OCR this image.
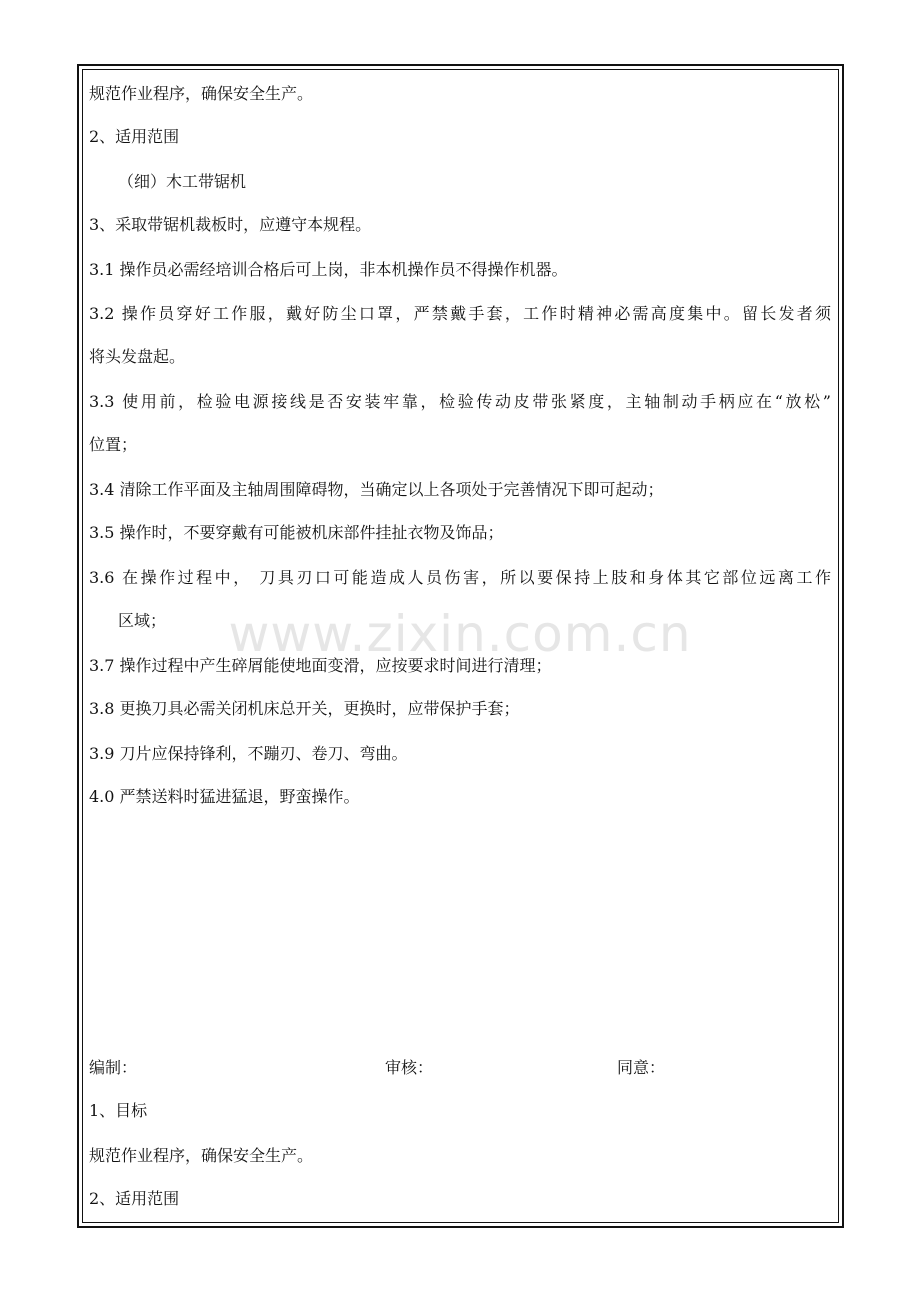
规范作业程序，确保安全生产。
2、适用范围
（细）木工带锯机
3、采取带锯机裁板时，应遵守本规程。
3.1 操作员必需经培训合格后可上岗，非本机操作员不得操作机器。
3.2 操作员穿好工作服，戴好防尘口罩，严禁戴手套，工作时精神必需高度集中。留长发者须
将头发盘起。
3.3 使用前，检验电源接线是否安装牢靠，检验传动皮带张紧度，主轴制动手柄应在“放松”
位置；
3.4 清除工作平面及主轴周围障碍物，当确定以上各项处于完善情况下即可起动；
3.5 操作时，不要穿戴有可能被机床部件挂扯衣物及饰品；
3.6 在操作过程中， 刀具刃口可能造成人员伤害，所以要保持上肢和身体其它部位远离工作
区域；
3.7 操作过程中产生碎屑能使地面变滑，应按要求时间进行清理；
3.8 更换刀具必需关闭机床总开关，更换时，应带保护手套；
3.9 刀片应保持锋利，不蹦刃、卷刀、弯曲。
4.0 严禁送料时猛进猛退，野蛮操作。
编制：	审核：	同意：
1、目标
规范作业程序，确保安全生产。
2、适用范围
www.zixin.com.cn
